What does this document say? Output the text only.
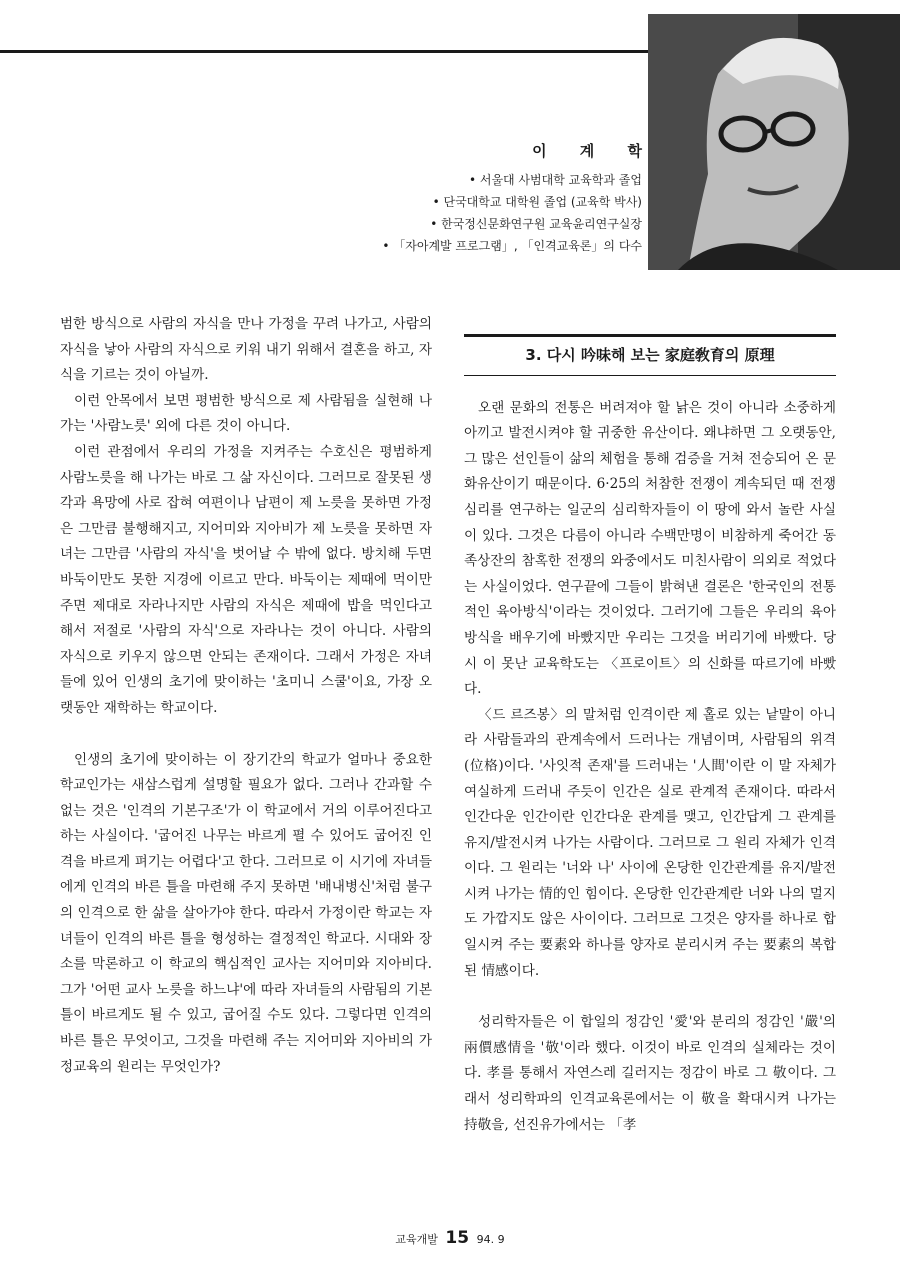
이 계 학
• 서울대 사범대학 교육학과 졸업
• 단국대학교 대학원 졸업 (교육학 박사)
• 한국정신문화연구원 교육윤리연구실장
• 「자아계발 프로그램」, 「인격교육론」의 다수

범한 방식으로 사람의 자식을 만나 가정을 꾸려 나가고, 사람의 자식을 낳아 사람의 자식으로 키워 내기 위해서 결혼을 하고, 자식을 기르는 것이 아닐까.

이런 안목에서 보면 평범한 방식으로 제 사람됨을 실현해 나가는 '사람노릇' 외에 다른 것이 아니다.

이런 관점에서 우리의 가정을 지켜주는 수호신은 평범하게 사람노릇을 해 나가는 바로 그 삶 자신이다. 그러므로 잘못된 생각과 욕망에 사로 잡혀 여편이나 남편이 제 노릇을 못하면 가정은 그만큼 불행해지고, 지어미와 지아비가 제 노릇을 못하면 자녀는 그만큼 '사람의 자식'을 벗어날 수 밖에 없다. 방치해 두면 바둑이만도 못한 지경에 이르고 만다. 바둑이는 제때에 먹이만 주면 제대로 자라나지만 사람의 자식은 제때에 밥을 먹인다고 해서 저절로 '사람의 자식'으로 자라나는 것이 아니다. 사람의 자식으로 키우지 않으면 안되는 존재이다. 그래서 가정은 자녀들에 있어 인생의 초기에 맞이하는 '초미니 스쿨'이요, 가장 오랫동안 재학하는 학교이다.

인생의 초기에 맞이하는 이 장기간의 학교가 얼마나 중요한 학교인가는 새삼스럽게 설명할 필요가 없다. 그러나 간과할 수 없는 것은 '인격의 기본구조'가 이 학교에서 거의 이루어진다고 하는 사실이다. '굽어진 나무는 바르게 펼 수 있어도 굽어진 인격을 바르게 펴기는 어렵다'고 한다. 그러므로 이 시기에 자녀들에게 인격의 바른 틀을 마련해 주지 못하면 '배내병신'처럼 불구의 인격으로 한 삶을 살아가야 한다. 따라서 가정이란 학교는 자녀들이 인격의 바른 틀을 형성하는 결정적인 학교다. 시대와 장소를 막론하고 이 학교의 핵심적인 교사는 지어미와 지아비다. 그가 '어떤 교사 노릇을 하느냐'에 따라 자녀들의 사람됨의 기본 틀이 바르게도 될 수 있고, 굽어질 수도 있다. 그렇다면 인격의 바른 틀은 무엇이고, 그것을 마련해 주는 지어미와 지아비의 가정교육의 원리는 무엇인가?

3. 다시 吟味해 보는 家庭敎育의 原理

오랜 문화의 전통은 버려져야 할 낡은 것이 아니라 소중하게 아끼고 발전시켜야 할 귀중한 유산이다. 왜냐하면 그 오랫동안, 그 많은 선인들이 삶의 체험을 통해 검증을 거쳐 전승되어 온 문화유산이기 때문이다. 6·25의 처참한 전쟁이 계속되던 때 전쟁심리를 연구하는 일군의 심리학자들이 이 땅에 와서 놀란 사실이 있다. 그것은 다름이 아니라 수백만명이 비참하게 죽어간 동족상잔의 참혹한 전쟁의 와중에서도 미친사람이 의외로 적었다는 사실이었다. 연구끝에 그들이 밝혀낸 결론은 '한국인의 전통적인 육아방식'이라는 것이었다. 그러기에 그들은 우리의 육아방식을 배우기에 바빴지만 우리는 그것을 버리기에 바빴다. 당시 이 못난 교육학도는 〈프로이트〉의 신화를 따르기에 바빴다.

〈드 르즈봉〉의 말처럼 인격이란 제 홀로 있는 낱말이 아니라 사람들과의 관계속에서 드러나는 개념이며, 사람됨의 위격(位格)이다. '사잇적 존재'를 드러내는 '人間'이란 이 말 자체가 여실하게 드러내 주듯이 인간은 실로 관계적 존재이다. 따라서 인간다운 인간이란 인간다운 관계를 맺고, 인간답게 그 관계를 유지/발전시켜 나가는 사람이다. 그러므로 그 원리 자체가 인격이다. 그 원리는 '너와 나' 사이에 온당한 인간관계를 유지/발전시켜 나가는 情的인 힘이다. 온당한 인간관계란 너와 나의 멀지도 가깝지도 않은 사이이다. 그러므로 그것은 양자를 하나로 합일시켜 주는 要素와 하나를 양자로 분리시켜 주는 要素의 복합된 情感이다.

성리학자들은 이 합일의 정감인 '愛'와 분리의 정감인 '嚴'의 兩價感情을 '敬'이라 했다. 이것이 바로 인격의 실체라는 것이다. 孝를 통해서 자연스레 길러지는 정감이 바로 그 敬이다. 그래서 성리학파의 인격교육론에서는 이 敬을 확대시켜 나가는 持敬을, 선진유가에서는 「孝

교육개발 15 94. 9
